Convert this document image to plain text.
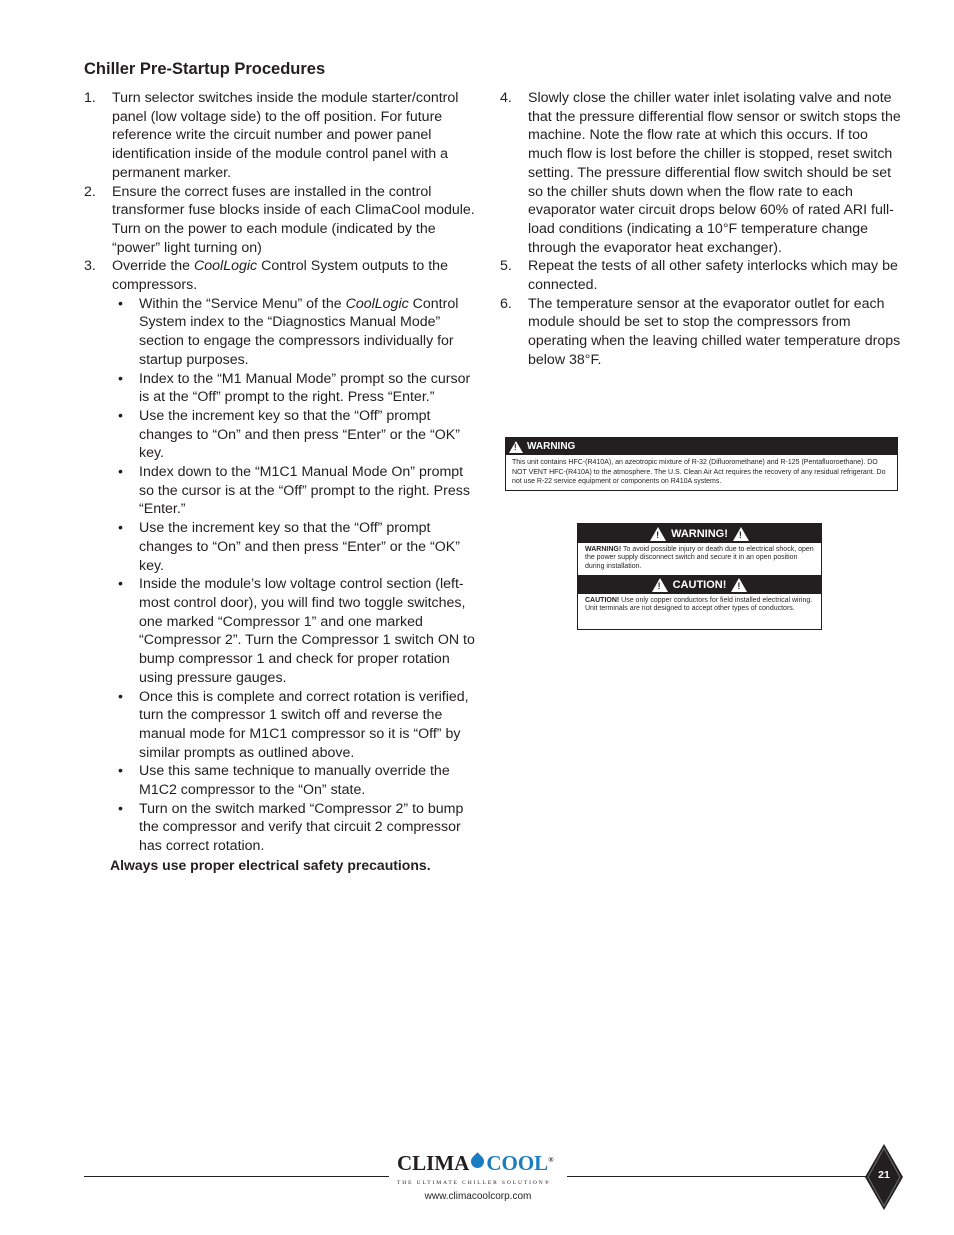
Chiller Pre-Startup Procedures
1. Turn selector switches inside the module starter/control panel (low voltage side) to the off position. For future reference write the circuit number and power panel identification inside of the module control panel with a permanent marker.
2. Ensure the correct fuses are installed in the control transformer fuse blocks inside of each ClimaCool module. Turn on the power to each module (indicated by the “power” light turning on)
3. Override the CoolLogic Control System outputs to the compressors.
• Within the “Service Menu” of the CoolLogic Control System index to the “Diagnostics Manual Mode” section to engage the compressors individually for startup purposes.
• Index to the “M1 Manual Mode” prompt so the cursor is at the “Off” prompt to the right. Press “Enter.”
• Use the increment key so that the “Off” prompt changes to “On” and then press “Enter” or the “OK” key.
• Index down to the “M1C1 Manual Mode On” prompt so the cursor is at the “Off” prompt to the right. Press “Enter.”
• Use the increment key so that the “Off” prompt changes to “On” and then press “Enter” or the “OK” key.
• Inside the module’s low voltage control section (left-most control door), you will find two toggle switches, one marked “Compressor 1” and one marked “Compressor 2”. Turn the Compressor 1 switch ON to bump compressor 1 and check for proper rotation using pressure gauges.
• Once this is complete and correct rotation is verified, turn the compressor 1 switch off and reverse the manual mode for M1C1 compressor so it is “Off” by similar prompts as outlined above.
• Use this same technique to manually override the M1C2 compressor to the “On” state.
• Turn on the switch marked “Compressor 2” to bump the compressor and verify that circuit 2 compressor has correct rotation.

Always use proper electrical safety precautions.

4. Slowly close the chiller water inlet isolating valve and note that the pressure differential flow sensor or switch stops the machine. Note the flow rate at which this occurs. If too much flow is lost before the chiller is stopped, reset switch setting. The pressure differential flow switch should be set so the chiller shuts down when the flow rate to each evaporator water circuit drops below 60% of rated ARI full-load conditions (indicating a 10°F temperature change through the evaporator heat exchanger).
5. Repeat the tests of all other safety interlocks which may be connected.
6. The temperature sensor at the evaporator outlet for each module should be set to stop the compressors from operating when the leaving chilled water temperature drops below 38°F.
!
WARNING
This unit contains HFC-(R410A), an azeotropic mixture of R-32 (Difluoromethane) and R-125 (Pentafluoroethane). DO NOT VENT HFC-(R410A) to the atmosphere. The U.S. Clean Air Act requires the recovery of any residual refrigerant. Do not use R-22 service equipment or components on R410A systems.
!
WARNING!
!
WARNING! To avoid possible injury or death due to electrical shock, open the power supply disconnect switch and secure it in an open position during installation.
!
CAUTION!
!
CAUTION! Use only copper conductors for field installed electrical wiring. Unit terminals are not designed to accept other types of conductors.
CLIMA COOL®
THE ULTIMATE CHILLER SOLUTION®
www.climacoolcorp.com
21
